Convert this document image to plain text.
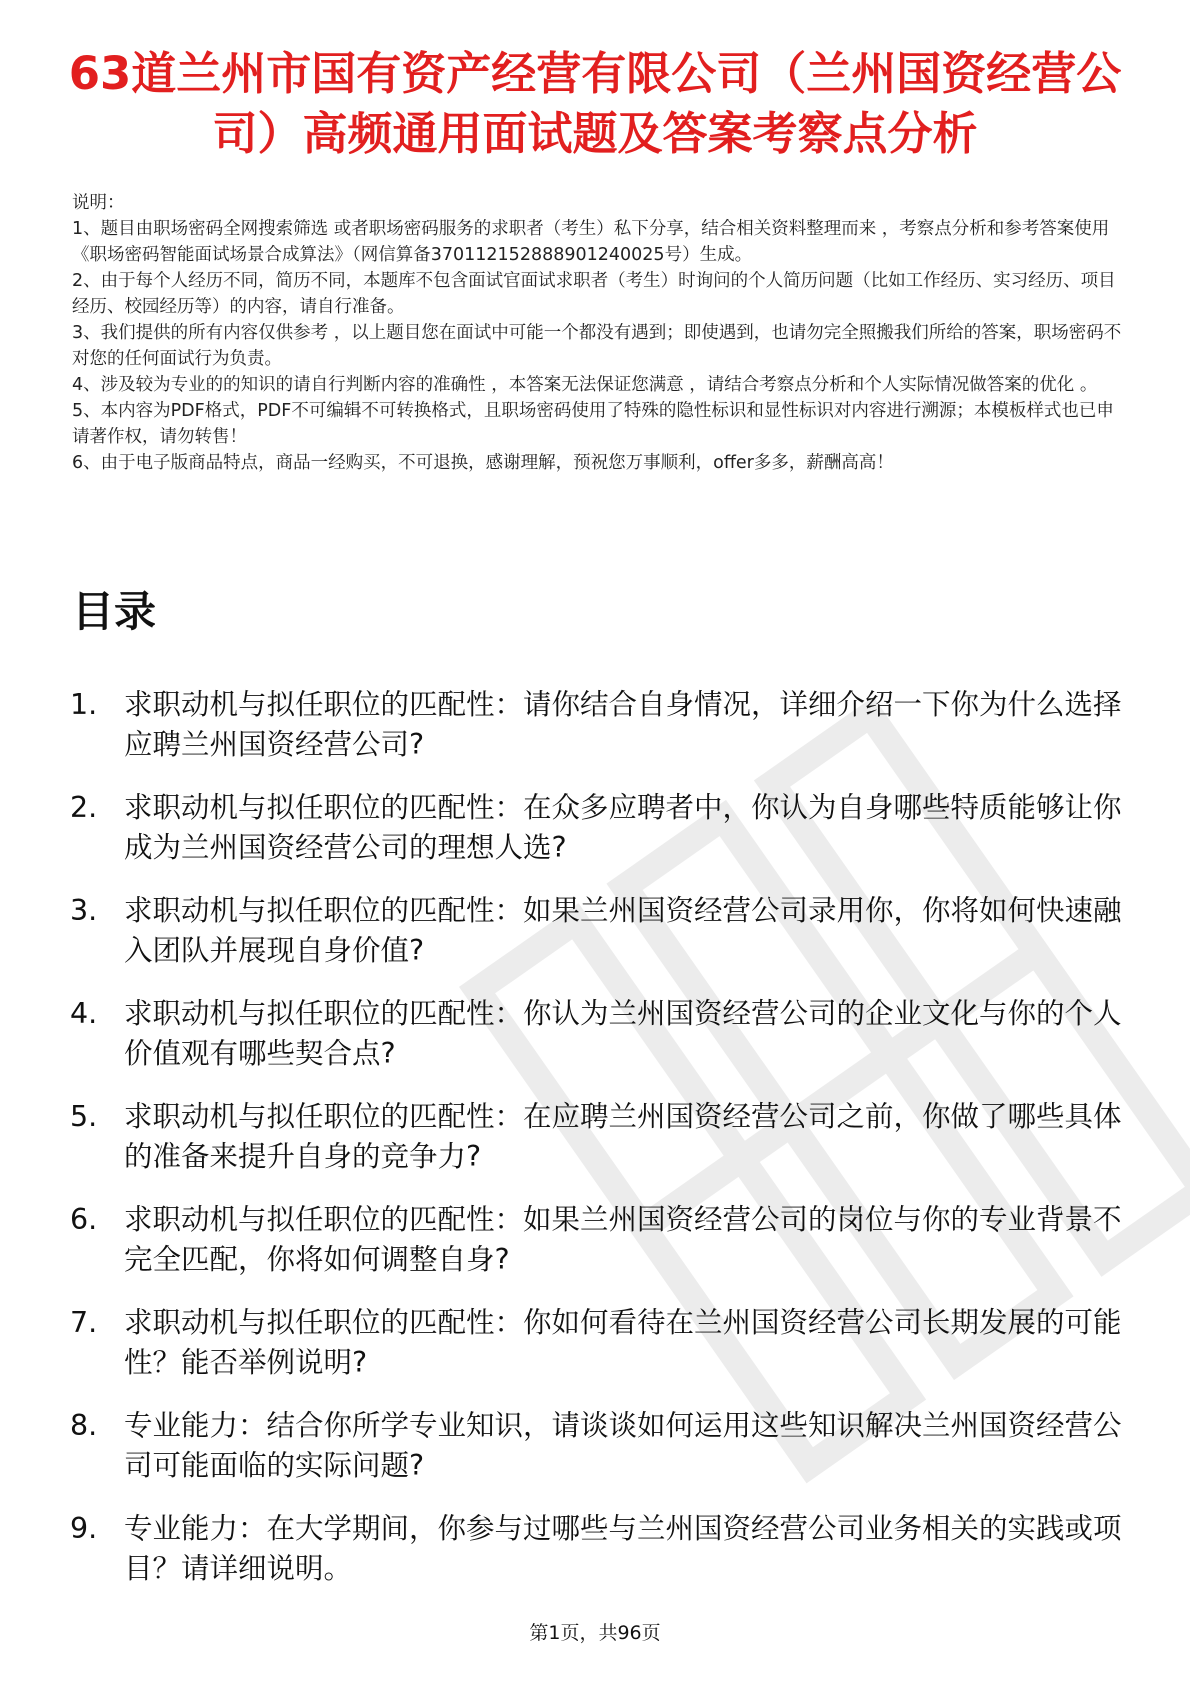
63道兰州市国有资产经营有限公司（兰州国资经营公司）高频通用面试题及答案考察点分析

说明：

1、题目由职场密码全网搜索筛选 或者职场密码服务的求职者（考生）私下分享，结合相关资料整理而来 ，考察点分析和参考答案使用《职场密码智能面试场景合成算法》（网信算备370112152888901240025号）生成。

2、由于每个人经历不同，简历不同，本题库不包含面试官面试求职者（考生）时询问的个人简历问题（比如工作经历、实习经历、项目经历、校园经历等）的内容，请自行准备。

3、我们提供的所有内容仅供参考 ，以上题目您在面试中可能一个都没有遇到；即使遇到，也请勿完全照搬我们所给的答案，职场密码不对您的任何面试行为负责。

4、涉及较为专业的的知识的请自行判断内容的准确性 ，本答案无法保证您满意 ，请结合考察点分析和个人实际情况做答案的优化 。

5、本内容为PDF格式，PDF不可编辑不可转换格式，且职场密码使用了特殊的隐性标识和显性标识对内容进行溯源；本模板样式也已申请著作权，请勿转售！

6、由于电子版商品特点，商品一经购买，不可退换，感谢理解，预祝您万事顺利，offer多多，薪酬高高！

目录
1. 求职动机与拟任职位的匹配性：请你结合自身情况，详细介绍一下你为什么选择应聘兰州国资经营公司?
2. 求职动机与拟任职位的匹配性：在众多应聘者中，你认为自身哪些特质能够让你成为兰州国资经营公司的理想人选?
3. 求职动机与拟任职位的匹配性：如果兰州国资经营公司录用你，你将如何快速融入团队并展现自身价值?
4. 求职动机与拟任职位的匹配性：你认为兰州国资经营公司的企业文化与你的个人价值观有哪些契合点?
5. 求职动机与拟任职位的匹配性：在应聘兰州国资经营公司之前，你做了哪些具体的准备来提升自身的竞争力?
6. 求职动机与拟任职位的匹配性：如果兰州国资经营公司的岗位与你的专业背景不完全匹配，你将如何调整自身?
7. 求职动机与拟任职位的匹配性：你如何看待在兰州国资经营公司长期发展的可能性？能否举例说明?
8. 专业能力：结合你所学专业知识，请谈谈如何运用这些知识解决兰州国资经营公司可能面临的实际问题?
9. 专业能力：在大学期间，你参与过哪些与兰州国资经营公司业务相关的实践或项目？请详细说明。
第1页，共96页
